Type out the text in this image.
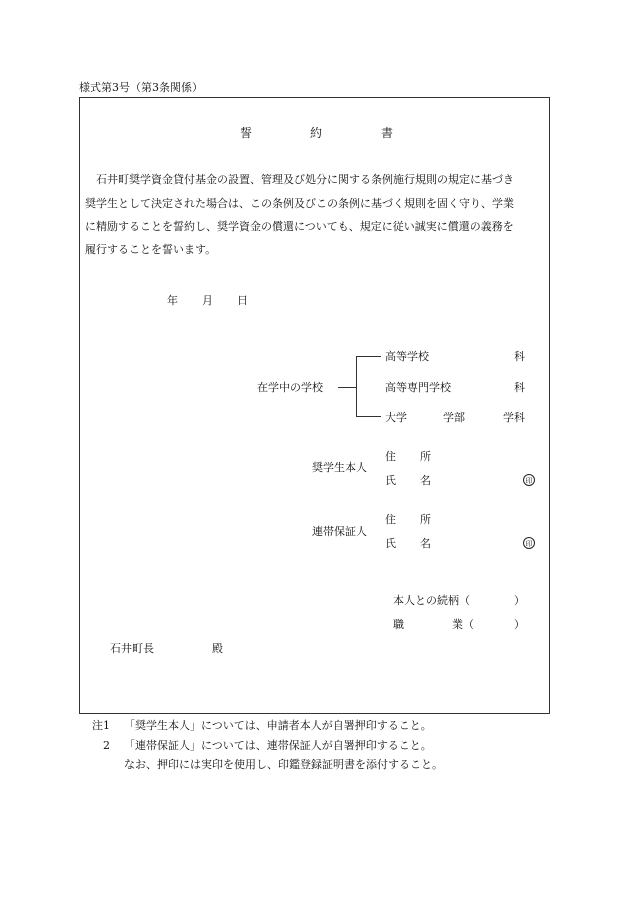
様式第3号（第3条関係）
誓	約	書
石井町奨学資金貸付基金の設置、管理及び処分に関する条例施行規則の規定に基づき
奨学生として決定された場合は、この条例及びこの条例に基づく規則を固く守り、学業
に精励することを誓約し、奨学資金の償還についても、規定に従い誠実に償還の義務を
履行することを誓います。
年 月 日
在学中の学校
高等学校	科
高等専門学校	科
大学	学部	学科
奨学生本人
住 所
氏 名	印
連帯保証人
住 所
氏 名	印
本人との続柄（	）
職	業（	）
石井町長	殿
注1 「奨学生本人」については、申請者本人が自署押印すること。
2 「連帯保証人」については、連帯保証人が自署押印すること。
なお、押印には実印を使用し、印鑑登録証明書を添付すること。
